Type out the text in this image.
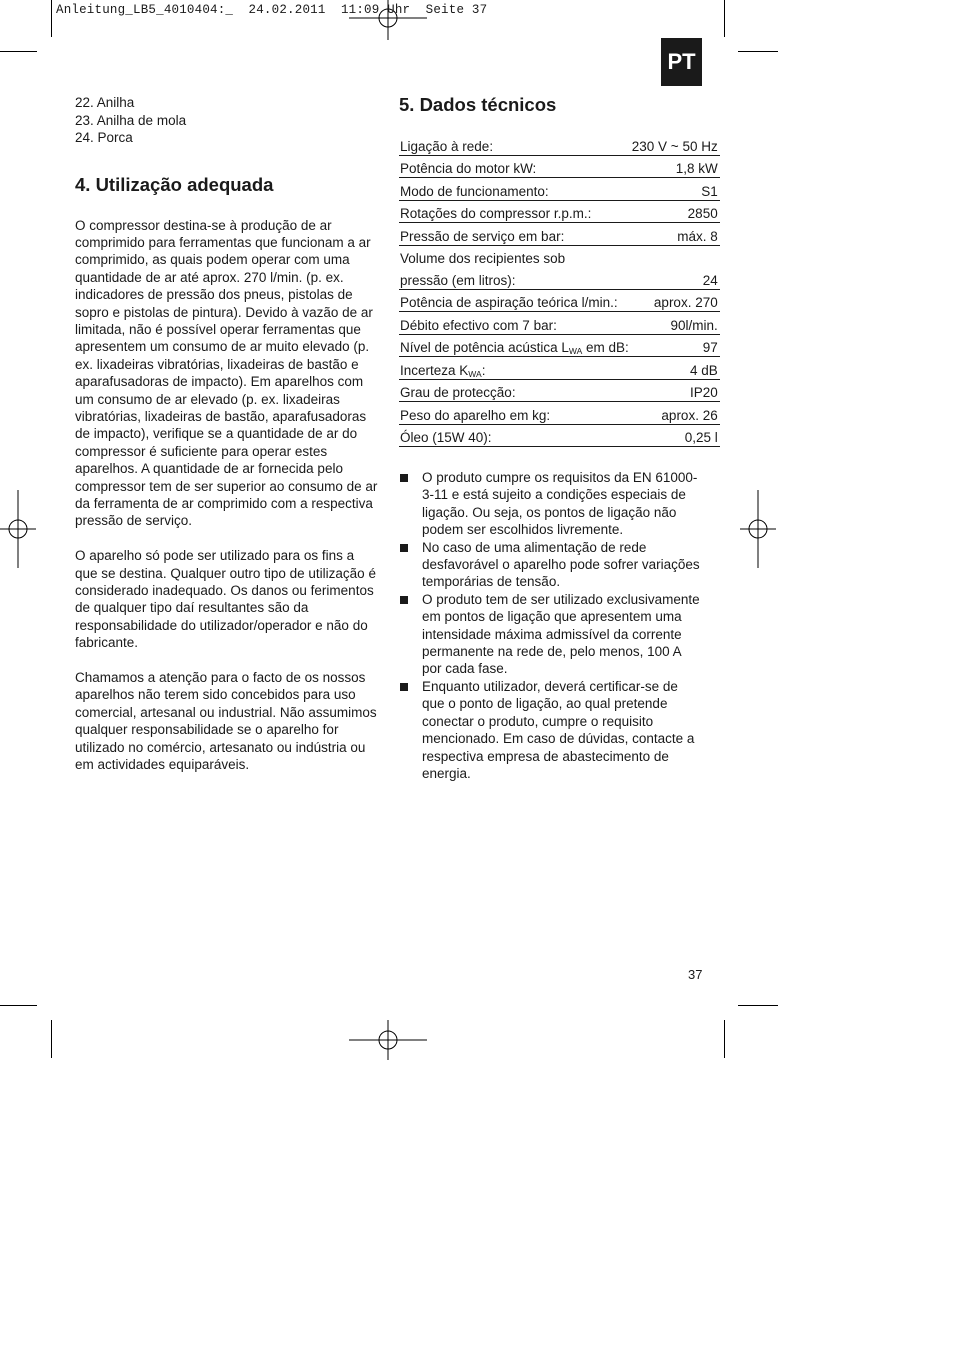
Anleitung_LB5_4010404:_  24.02.2011  11:09 Uhr  Seite 37
PT
22. Anilha
23. Anilha de mola
24. Porca
4. Utilização adequada

O compressor destina-se à produção de ar comprimido para ferramentas que funcionam a ar comprimido, as quais podem operar com uma quantidade de ar até aprox. 270 l/min. (p. ex. indicadores de pressão dos pneus, pistolas de sopro e pistolas de pintura). Devido à vazão de ar limitada, não é possível operar ferramentas que apresentem um consumo de ar muito elevado (p. ex. lixadeiras vibratórias, lixadeiras de bastão e aparafusadoras de impacto). Em aparelhos com um consumo de ar elevado (p. ex. lixadeiras vibratórias, lixadeiras de bastão, aparafusadoras de impacto), verifique se a quantidade de ar do compressor é suficiente para operar estes aparelhos. A quantidade de ar fornecida pelo compressor tem de ser superior ao consumo de ar da ferramenta de ar comprimido com a respectiva pressão de serviço.

O aparelho só pode ser utilizado para os fins a que se destina. Qualquer outro tipo de utilização é considerado inadequado. Os danos ou ferimentos de qualquer tipo daí resultantes são da responsabilidade do utilizador/operador e não do fabricante.

Chamamos a atenção para o facto de os nossos aparelhos não terem sido concebidos para uso comercial, artesanal ou industrial. Não assumimos qualquer responsabilidade se o aparelho for utilizado no comércio, artesanato ou indústria ou em actividades equiparáveis.

5. Dados técnicos
Ligação à rede:	230 V ~ 50 Hz
Potência do motor kW:	1,8 kW
Modo de funcionamento:	S1
Rotações do compressor r.p.m.:	2850
Pressão de serviço em bar:	máx. 8
Volume dos recipientes sob	
pressão (em litros):	24
Potência de aspiração teórica l/min.:	aprox. 270
Débito efectivo com 7 bar:	90l/min.
Nível de potência acústica $L_{WA}$ em dB:	97
Incerteza $K_{WA}$:	4 dB
Grau de protecção:	IP20
Peso do aparelho em kg:	aprox. 26
Óleo (15W 40):	0,25 l
O produto cumpre os requisitos da EN 61000-3-11 e está sujeito a condições especiais de ligação. Ou seja, os pontos de ligação não podem ser escolhidos livremente.
No caso de uma alimentação de rede desfavorável o aparelho pode sofrer variações temporárias de tensão.
O produto tem de ser utilizado exclusivamente em pontos de ligação que apresentem uma intensidade máxima admissível da corrente permanente na rede de, pelo menos, 100 A por cada fase.
Enquanto utilizador, deverá certificar-se de que o ponto de ligação, ao qual pretende conectar o produto, cumpre o requisito mencionado. Em caso de dúvidas, contacte a respectiva empresa de abastecimento de energia.
37
